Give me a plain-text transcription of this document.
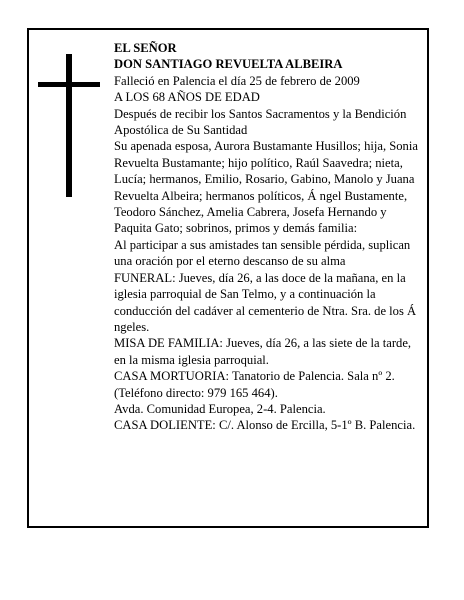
EL SEÑOR

DON SANTIAGO REVUELTA ALBEIRA

Falleció en Palencia el día 25 de febrero de 2009

A LOS 68 AÑOS DE EDAD

Después de recibir los Santos Sacramentos y la Bendición Apostólica de Su Santidad

Su apenada esposa, Aurora Bustamante Husillos; hija, Sonia Revuelta Bustamante; hijo político, Raúl Saavedra; nieta, Lucía; hermanos, Emilio, Rosario, Gabino, Manolo y Juana Revuelta Albeira; hermanos políticos, Á ngel Bustamente, Teodoro Sánchez, Amelia Cabrera, Josefa Hernando y Paquita Gato; sobrinos, primos y demás familia:

Al participar a sus amistades tan sensible pérdida, suplican una oración por el eterno descanso de su alma

FUNERAL: Jueves, día 26, a las doce de la mañana, en la iglesia parroquial de San Telmo, y a continuación la conducción del cadáver al cementerio de Ntra. Sra. de los Á ngeles.

MISA DE FAMILIA: Jueves, día 26, a las siete de la tarde, en la misma iglesia parroquial.

CASA MORTUORIA: Tanatorio de Palencia. Sala nº 2. (Teléfono directo: 979 165 464).

Avda. Comunidad Europea, 2-4. Palencia.

CASA DOLIENTE: C/. Alonso de Ercilla, 5-1º B. Palencia.
